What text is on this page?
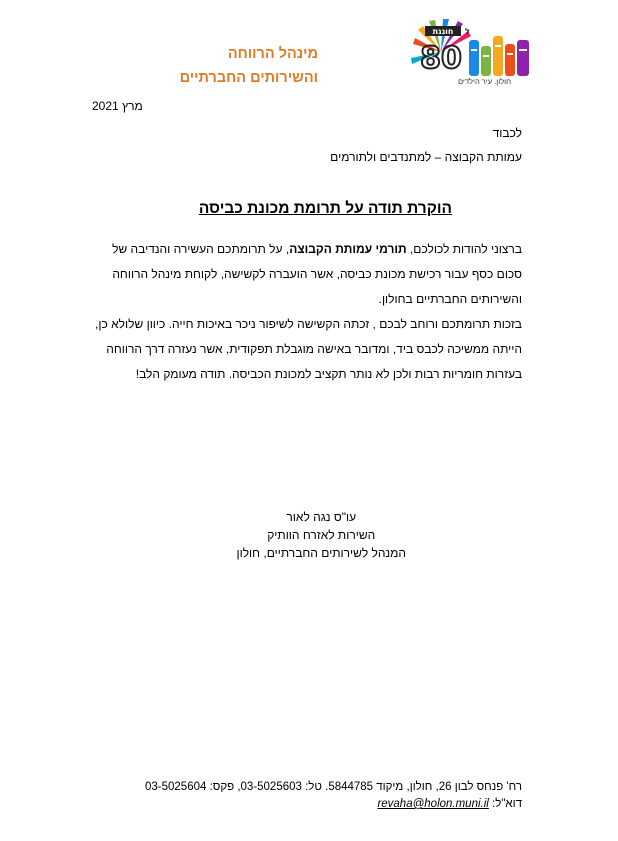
מינהל הרווחה
והשירותים החברתיים
חוגגת ל
80
חולון
חולון. עיר הילדים
מרץ 2021
לכבוד
עמותת הקבוצה – למתנדבים ולתורמים
הוקרת תודה על תרומת מכונת כביסה

ברצוני להודות לכולכם, תורמי עמותת הקבוצה, על תרומתכם העשירה והנדיבה של סכום כסף עבור רכישת מכונת כביסה, אשר הועברה לקשישה, לקוחת מינהל הרווחה והשירותים החברתיים בחולון.

בזכות תרומתכם ורוחב לבכם , זכתה הקשישה לשיפור ניכר באיכות חייה. כיוון שלולא כן, הייתה ממשיכה לכבס ביד, ומדובר באישה מוגבלת תפקודית, אשר נעזרה דרך הרווחה בעזרות חומריות רבות ולכן לא נותר תקציב למכונת הכביסה. תודה מעומק הלב!

עו"ס נגה לאור
השירות לאזרח הוותיק
המנהל לשירותים החברתיים, חולון
רח' פנחס לבון 26, חולון, מיקוד 5844785. טל: 03-5025603, פקס: 03-5025604
דוא"ל: revaha@holon.muni.il
